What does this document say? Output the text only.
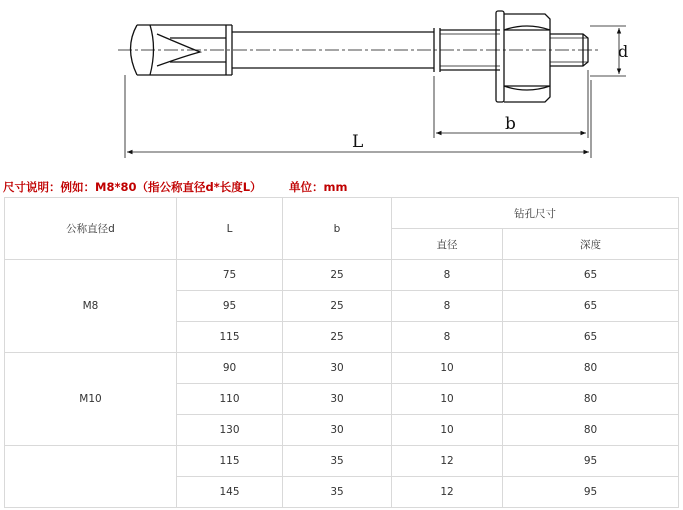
d
b
L
尺寸说明：例如：M8*80（指公称直径d*长度L） 单位：mm
公称直径d	L	b	钻孔尺寸	
			直径	深度
M8	75	25	8	65
	95	25	8	65
	115	25	8	65
M10	90	30	10	80
	110	30	10	80
	130	30	10	80
	115	35	12	95
	145	35	12	95
